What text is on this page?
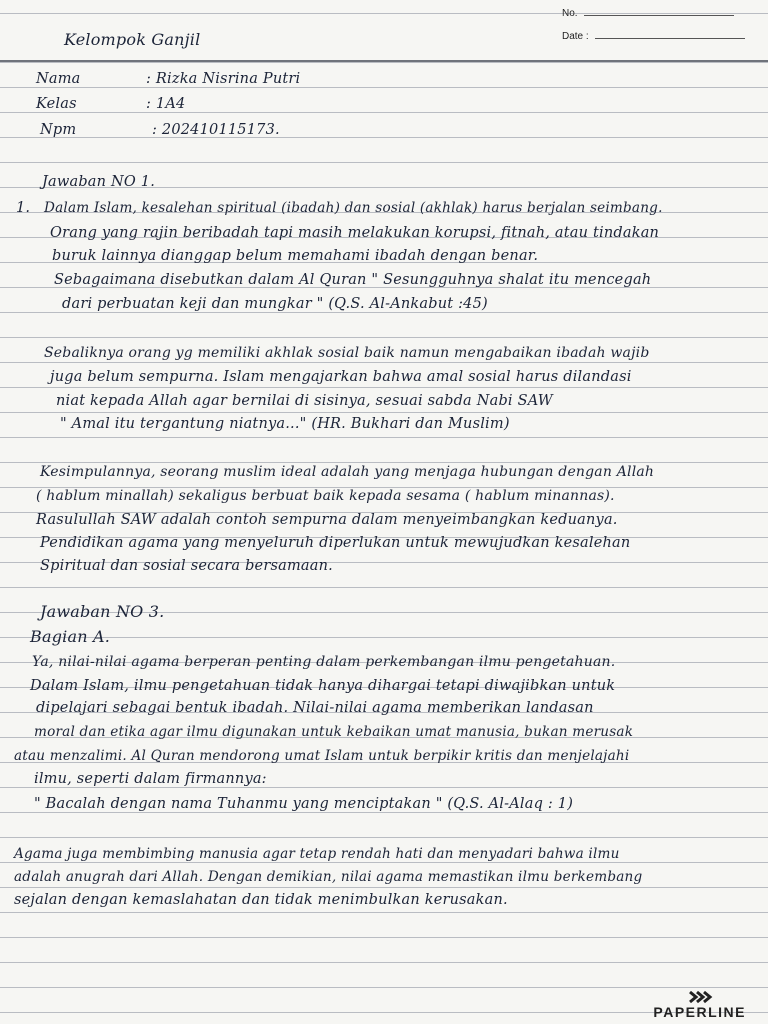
No.
Date :
Kelompok Ganjil
Nama	: Rizka Nisrina Putri
Kelas	: 1A4
Npm	: 202410115173.
Jawaban NO 1.
1. Dalam Islam, kesalehan spiritual (ibadah) dan sosial (akhlak) harus berjalan seimbang.
Orang yang rajin beribadah tapi masih melakukan korupsi, fitnah, atau tindakan
buruk lainnya dianggap belum memahami ibadah dengan benar.
Sebagaimana disebutkan dalam Al Quran " Sesungguhnya shalat itu mencegah
dari perbuatan keji dan mungkar " (Q.S. Al-Ankabut :45)
Sebaliknya orang yg memiliki akhlak sosial baik namun mengabaikan ibadah wajib
juga belum sempurna. Islam mengajarkan bahwa amal sosial harus dilandasi
niat kepada Allah agar bernilai di sisinya, sesuai sabda Nabi SAW
" Amal itu tergantung niatnya..." (HR. Bukhari dan Muslim)
Kesimpulannya, seorang muslim ideal adalah yang menjaga hubungan dengan Allah
( hablum minallah) sekaligus berbuat baik kepada sesama ( hablum minannas).
Rasulullah SAW adalah contoh sempurna dalam menyeimbangkan keduanya.
Pendidikan agama yang menyeluruh diperlukan untuk mewujudkan kesalehan
Spiritual dan sosial secara bersamaan.
Jawaban NO 3.
Bagian A.
Ya, nilai-nilai agama berperan penting dalam perkembangan ilmu pengetahuan.
Dalam Islam, ilmu pengetahuan tidak hanya dihargai tetapi diwajibkan untuk
dipelajari sebagai bentuk ibadah. Nilai-nilai agama memberikan landasan
moral dan etika agar ilmu digunakan untuk kebaikan umat manusia, bukan merusak
atau menzalimi. Al Quran mendorong umat Islam untuk berpikir kritis dan menjelajahi
ilmu, seperti dalam firmannya:
" Bacalah dengan nama Tuhanmu yang menciptakan " (Q.S. Al-Alaq : 1)
Agama juga membimbing manusia agar tetap rendah hati dan menyadari bahwa ilmu
adalah anugrah dari Allah. Dengan demikian, nilai agama memastikan ilmu berkembang
sejalan dengan kemaslahatan dan tidak menimbulkan kerusakan.
PAPERLINE
